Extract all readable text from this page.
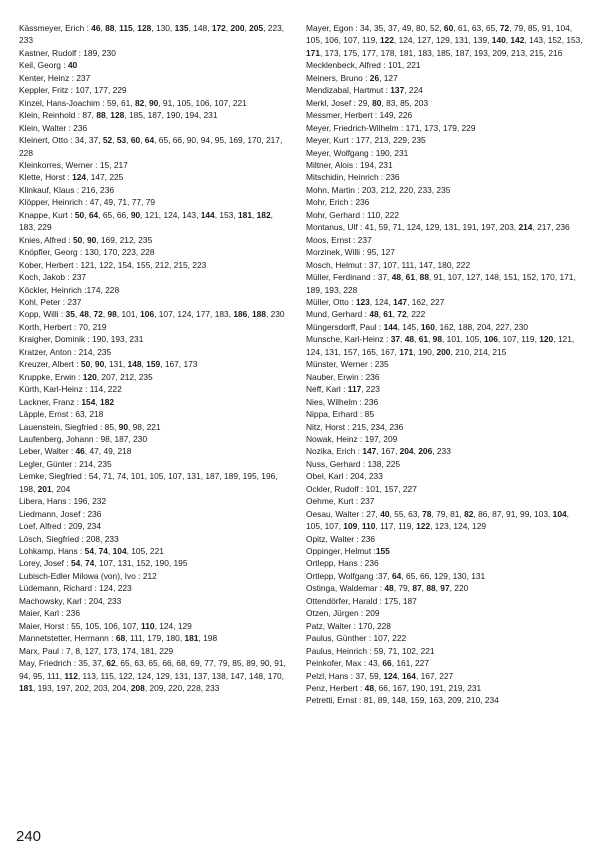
Kässmeyer, Erich : 46, 88, 115, 128, 130, 135, 148, 172, 200, 205, 223, 233
Kastner, Rudolf : 189, 230
Keil, Georg : 40
Kenter, Heinz : 237
Keppler, Fritz : 107, 177, 229
Kinzel, Hans-Joachim : 59, 61, 82, 90, 91, 105, 106, 107, 221
Klein, Reinhold : 87, 88, 128, 185, 187, 190, 194, 231
Klein, Walter : 236
Kleinert, Otto : 34, 37, 52, 53, 60, 64, 65, 66, 90, 94, 95, 169, 170, 217, 228
Kleinkorres, Werner : 15, 217
Klette, Horst : 124, 147, 225
Klinkauf, Klaus : 216, 236
Klöpper, Heinrich : 47, 49, 71, 77, 79
Knappe, Kurt : 50, 64, 65, 66, 90, 121, 124, 143, 144, 153, 181, 182, 183, 229
Knies, Alfred : 50, 90, 169, 212, 235
Knöpfler, Georg : 130, 170, 223, 228
Kober, Herbert : 121, 122, 154, 155, 212, 215, 223
Koch, Jakob : 237
Köckler, Heinrich :174, 228
Kohl, Peter : 237
Kopp, Willi : 35, 48, 72, 98, 101, 106, 107, 124, 177, 183, 186, 188, 230
Korth, Herbert : 70, 219
Kraigher, Dominik : 190, 193, 231
Kratzer, Anton : 214, 235
Kreuzer, Albert : 50, 90, 131, 148, 159, 167, 173
Kruppke, Erwin : 120, 207, 212, 235
Kürth, Karl-Heinz : 114, 222
Lackner, Franz : 154, 182
Läpple, Ernst : 63, 218
Lauenstein, Siegfried : 85, 90, 98, 221
Laufenberg, Johann : 98, 187, 230
Leber, Walter : 46, 47, 49, 218
Legler, Günter : 214, 235
Lemke, Siegfried : 54, 71, 74, 101, 105, 107, 131, 187, 189, 195, 196, 198, 201, 204
Libera, Hans : 196, 232
Liedmann, Josef : 236
Loef, Alfred : 209, 234
Lösch, Siegfried : 208, 233
Lohkamp, Hans : 54, 74, 104, 105, 221
Lorey, Josef : 54, 74, 107, 131, 152, 190, 195
Lubisch-Edler Milowa (von), Ivo : 212
Lüdemann, Richard : 124, 223
Machowsky, Karl : 204, 233
Maier, Karl : 236
Maier, Horst : 55, 105, 106, 107, 110, 124, 129
Mannetstetter, Hermann : 68, 111, 179, 180, 181, 198
Marx, Paul : 7, 8, 127, 173, 174, 181, 229
May, Friedrich : 35, 37, 62, 65, 63, 65, 66, 68, 69, 77, 79, 85, 89, 90, 91, 94, 95, 111, 112, 113, 115, 122, 124, 129, 131, 137, 138, 147, 148, 170, 181, 193, 197, 202, 203, 204, 208, 209, 220, 228, 233
Mayer, Egon : 34, 35, 37, 49, 80, 52, 60, 61, 63, 65, 72, 79, 85, 91, 104, 105, 106, 107, 119, 122, 124, 127, 129, 131, 139, 140, 142, 143, 152, 153, 171, 173, 175, 177, 178, 181, 183, 185, 187, 193, 209, 213, 215, 216
Mecklenbeck, Alfred : 101, 221
Meiners, Bruno : 26, 127
Mendizabal, Hartmut : 137, 224
Merkl, Josef : 29, 80, 83, 85, 203
Messmer, Herbert : 149, 226
Meyer, Friedrich-Wilhelm : 171, 173, 179, 229
Meyer, Kurt : 177, 213, 229, 235
Meyer, Wolfgang : 190, 231
Miltner, Alois : 194, 231
Mitschidin, Heinrich : 236
Mohn, Martin : 203, 212, 220, 233, 235
Mohr, Erich : 236
Mohr, Gerhard : 110, 222
Montanus, Ulf : 41, 59, 71, 124, 129, 131, 191, 197, 203, 214, 217, 236
Moos, Ernst : 237
Morzinek, Willi : 95, 127
Mosch, Helmut : 37, 107, 111, 147, 180, 222
Müller, Ferdinand : 37, 48, 61, 88, 91, 107, 127, 148, 151, 152, 170, 171, 189, 193, 228
Müller, Otto : 123, 124, 147, 162, 227
Mund, Gerhard : 48, 61, 72, 222
Müngersdorff, Paul : 144, 145, 160, 162, 188, 204, 227, 230
Munsche, Karl-Heinz : 37, 48, 61, 98, 101, 105, 106, 107, 119, 120, 121, 124, 131, 157, 165, 167, 171, 190, 200, 210, 214, 215
Münster, Werner : 235
Nauber, Erwin : 236
Neff, Karl : 117, 223
Nies, Wilhelm : 236
Nippa, Erhard : 85
Nitz, Horst : 215, 234, 236
Nowak, Heinz : 197, 209
Nozika, Erich : 147, 167, 204, 206, 233
Nuss, Gerhard : 138, 225
Obel, Karl : 204, 233
Ockler, Rudolf : 101, 157, 227
Oehme, Kurt : 237
Oesau, Walter : 27, 40, 55, 63, 78, 79, 81, 82, 86, 87, 91, 99, 103, 104, 105, 107, 109, 110, 117, 119, 122, 123, 124, 129
Opitz, Walter : 236
Oppinger, Helmut :155
Ortlepp, Hans : 236
Ortlepp, Wolfgang :37, 64, 65, 66, 129, 130, 131
Ostinga, Waldemar : 48, 79, 87, 88, 97, 220
Ottendörfer, Harald : 175, 187
Otzen, Jürgen : 209
Patz, Walter : 170, 228
Paulus, Günther : 107, 222
Paulus, Heinrich : 59, 71, 102, 221
Peinkofer, Max : 43, 66, 161, 227
Pelzl, Hans : 37, 59, 124, 164, 167, 227
Penz, Herbert : 48, 66, 167, 190, 191, 219, 231
Petretti, Ernst : 81, 89, 148, 159, 163, 209, 210, 234
240
